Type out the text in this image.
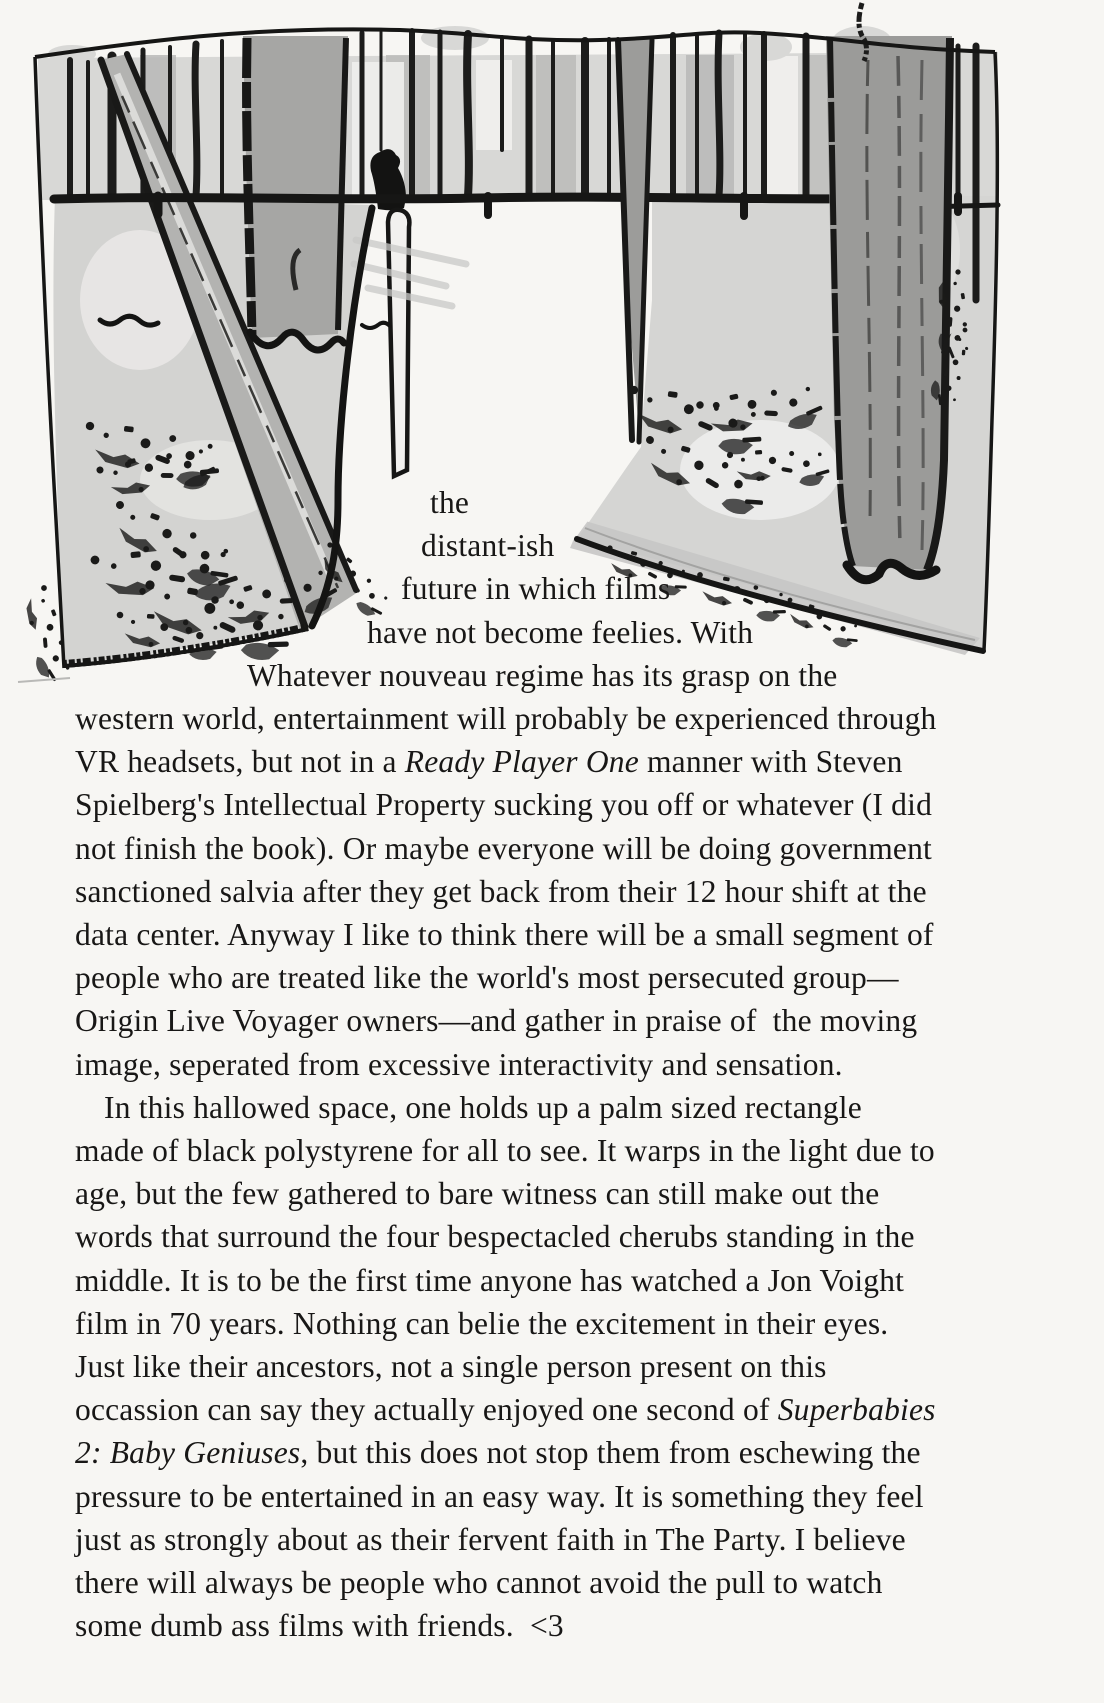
the
distant-ish
future in which films
have not become feelies. With
Whatever nouveau regime has its grasp on the
western world, entertainment will probably be experienced through
VR headsets, but not in a Ready Player One manner with Steven
Spielberg's Intellectual Property sucking you off or whatever (I did
not finish the book). Or maybe everyone will be doing government
sanctioned salvia after they get back from their 12 hour shift at the
data center. Anyway I like to think there will be a small segment of
people who are treated like the world's most persecuted group—
Origin Live Voyager owners—and gather in praise of  the moving
image, seperated from excessive interactivity and sensation.
In this hallowed space, one holds up a palm sized rectangle
made of black polystyrene for all to see. It warps in the light due to
age, but the few gathered to bare witness can still make out the
words that surround the four bespectacled cherubs standing in the
middle. It is to be the first time anyone has watched a Jon Voight
film in 70 years. Nothing can belie the excitement in their eyes.
Just like their ancestors, not a single person present on this
occassion can say they actually enjoyed one second of Superbabies
2: Baby Geniuses, but this does not stop them from eschewing the
pressure to be entertained in an easy way. It is something they feel
just as strongly about as their fervent faith in The Party. I believe
there will always be people who cannot avoid the pull to watch
some dumb ass films with friends.  <3
